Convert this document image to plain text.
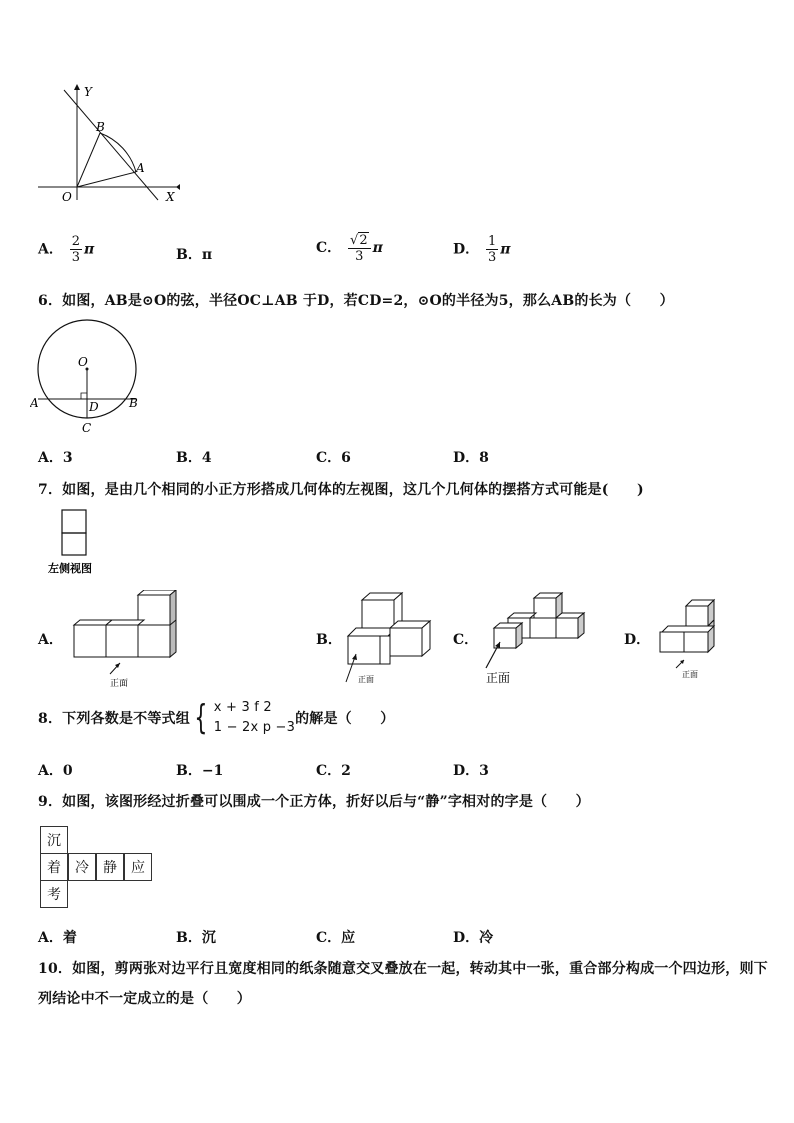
Y
X
O
B
A
A． $\frac{2}{3}$ π	B．π	C． $\frac{√ 2}{3}$ π	D． $\frac{1}{3}$ π
6．如图，AB是⊙O的弦，半径OC⊥AB 于D，若CD=2，⊙O的半径为5，那么AB的长为（　　）
O
A	B
D
C
A．3	B．4	C．6	D．8
7．如图，是由几个相同的小正方形搭成几何体的左视图，这几个几何体的摆搭方式可能是(　　)
左侧视图
A．
正面
B．
正面
C．
正面
D．
正面
8．下列各数是不等式组 { x + 3 f 2
1 − 2x p −3
的解是（　　）
A．0	B．−1	C．2	D．3
9．如图，该图形经过折叠可以围成一个正方体，折好以后与“静”字相对的字是（　　）
沉
着	冷	静	应
考
A．着	B．沉	C．应	D．冷
10．如图，剪两张对边平行且宽度相同的纸条随意交叉叠放在一起，转动其中一张，重合部分构成一个四边形，则下
列结论中不一定成立的是（　　）
